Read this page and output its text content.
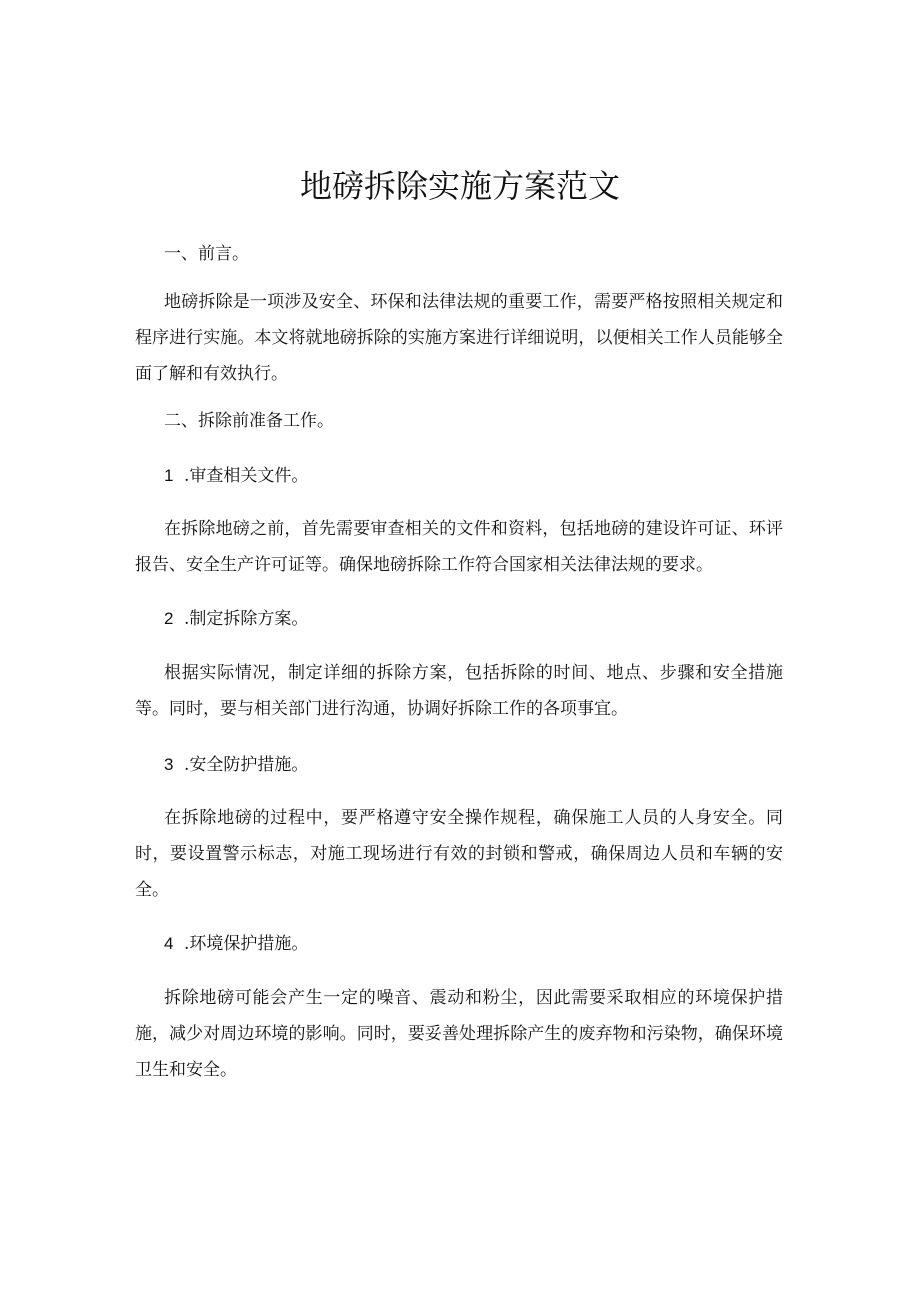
地磅拆除实施方案范文

一、前言。

地磅拆除是一项涉及安全、环保和法律法规的重要工作，需要严格按照相关规定和程序进行实施。本文将就地磅拆除的实施方案进行详细说明，以便相关工作人员能够全面了解和有效执行。

二、拆除前准备工作。

1 .审查相关文件。

在拆除地磅之前，首先需要审查相关的文件和资料，包括地磅的建设许可证、环评报告、安全生产许可证等。确保地磅拆除工作符合国家相关法律法规的要求。

2 .制定拆除方案。

根据实际情况，制定详细的拆除方案，包括拆除的时间、地点、步骤和安全措施等。同时，要与相关部门进行沟通，协调好拆除工作的各项事宜。

3 .安全防护措施。

在拆除地磅的过程中，要严格遵守安全操作规程，确保施工人员的人身安全。同时，要设置警示标志，对施工现场进行有效的封锁和警戒，确保周边人员和车辆的安全。

4 .环境保护措施。

拆除地磅可能会产生一定的噪音、震动和粉尘，因此需要采取相应的环境保护措施，减少对周边环境的影响。同时，要妥善处理拆除产生的废弃物和污染物，确保环境卫生和安全。
